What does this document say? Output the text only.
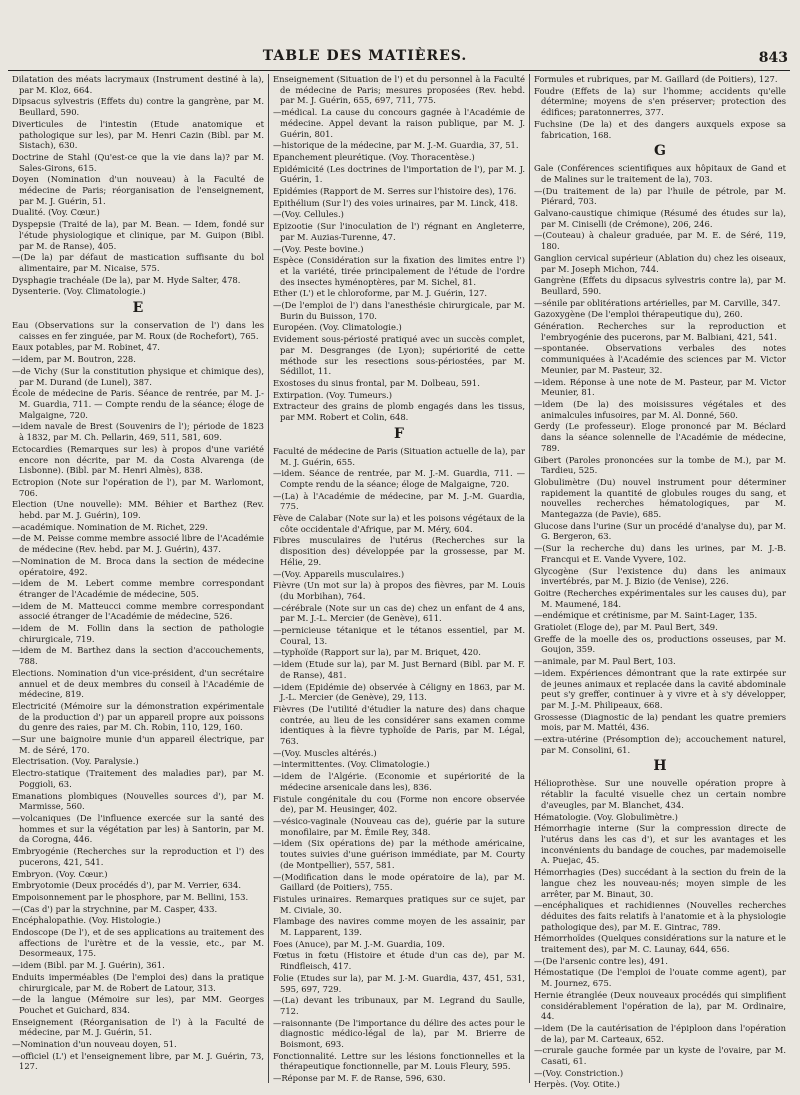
TABLE DES MATIÈRES.	843
Dilatation des méats lacrymaux (Instrument destiné à la), par M. Kloz, 664.
Dipsacus sylvestris (Effets du) contre la gangrène, par M. Beullard, 590.
Diverticules de l'intestin (Etude anatomique et pathologique sur les), par M. Henri Cazin (Bibl. par M. Sistach), 630.
Doctrine de Stahl (Qu'est-ce que la vie dans la)? par M. Sales-Girons, 615.
Doyen (Nomination d'un nouveau) à la Faculté de médecine de Paris; réorganisation de l'enseignement, par M. J. Guérin, 51.
Dualité. (Voy. Cœur.)
Dyspepsie (Traité de la), par M. Bean. — Idem, fondé sur l'étude physiologique et clinique, par M. Guipon (Bibl. par M. de Ranse), 405.
—(De la) par défaut de mastication suffisante du bol alimentaire, par M. Nicaise, 575.
Dysphagie trachéale (De la), par M. Hyde Salter, 478.
Dysenterie. (Voy. Climatologie.)
E
Eau (Observations sur la conservation de l') dans les caisses en fer zinguée, par M. Roux (de Rochefort), 765.
Eaux potables, par M. Robinet, 47.
—idem, par M. Boutron, 228.
—de Vichy (Sur la constitution physique et chimique des), par M. Durand (de Lunel), 387.
École de médecine de Paris. Séance de rentrée, par M. J.-M. Guardia, 711. — Compte rendu de la séance; éloge de Malgaigne, 720.
—idem navale de Brest (Souvenirs de l'); période de 1823 à 1832, par M. Ch. Pellarin, 469, 511, 581, 609.
Ectocardies (Remarques sur les) à propos d'une variété encore non décrite, par M. da Costa Alvarenga (de Lisbonne). (Bibl. par M. Henri Almès), 838.
Ectropion (Note sur l'opération de l'), par M. Warlomont, 706.
Election (Une nouvelle): MM. Béhier et Barthez (Rev. hebd. par M. J. Guérin), 109.
—académique. Nomination de M. Richet, 229.
—de M. Peisse comme membre associé libre de l'Académie de médecine (Rev. hebd. par M. J. Guérin), 437.
—Nomination de M. Broca dans la section de médecine opératoire, 492.
—idem de M. Lebert comme membre correspondant étranger de l'Académie de médecine, 505.
—idem de M. Matteucci comme membre correspondant associé étranger de l'Académie de médecine, 526.
—idem de M. Follin dans la section de pathologie chirurgicale, 719.
—idem de M. Barthez dans la section d'accouchements, 788.
Elections. Nomination d'un vice-président, d'un secrétaire annuel et de deux membres du conseil à l'Académie de médecine, 819.
Electricité (Mémoire sur la démonstration expérimentale de la production d') par un appareil propre aux poissons du genre des raies, par M. Ch. Robin, 110, 129, 160.
—Sur une baignoire munie d'un appareil électrique, par M. de Séré, 170.
Electrisation. (Voy. Paralysie.)
Electro-statique (Traitement des maladies par), par M. Poggioli, 63.
Emanations plombiques (Nouvelles sources d'), par M. Marmisse, 560.
—volcaniques (De l'influence exercée sur la santé des hommes et sur la végétation par les) à Santorin, par M. da Corogna, 446.
Embryogénie (Recherches sur la reproduction et l') des pucerons, 421, 541.
Embryon. (Voy. Cœur.)
Embryotomie (Deux procédés d'), par M. Verrier, 634.
Empoisonnement par le phosphore, par M. Bellini, 153.
—(Cas d') par la strychnine, par M. Casper, 433.
Encéphalopathie. (Voy. Histologie.)
Endoscope (De l'), et de ses applications au traitement des affections de l'urètre et de la vessie, etc., par M. Desormeaux, 175.
—idem (Bibl. par M. J. Guérin), 361.
Enduits imperméables (De l'emploi des) dans la pratique chirurgicale, par M. de Robert de Latour, 313.
—de la langue (Mémoire sur les), par MM. Georges Pouchet et Guichard, 834.
Enseignement (Réorganisation de l') à la Faculté de médecine, par M. J. Guérin, 51.
—Nomination d'un nouveau doyen, 51.
—officiel (L') et l'enseignement libre, par M. J. Guérin, 73, 127.
Enseignement (Situation de l') et du personnel à la Faculté de médecine de Paris; mesures proposées (Rev. hebd. par M. J. Guérin, 655, 697, 711, 775.
—médical. La cause du concours gagnée à l'Académie de médecine. Appel devant la raison publique, par M. J. Guérin, 801.
—historique de la médecine, par M. J.-M. Guardia, 37, 51.
Epanchement pleurétique. (Voy. Thoracentèse.)
Epidémicité (Les doctrines de l'importation de l'), par M. J. Guérin, 1.
Epidémies (Rapport de M. Serres sur l'histoire des), 176.
Epithélium (Sur l') des voies urinaires, par M. Linck, 418.
—(Voy. Cellules.)
Epizootie (Sur l'inoculation de l') régnant en Angleterre, par M. Auzias-Turenne, 47.
—(Voy. Peste bovine.)
Espèce (Considération sur la fixation des limites entre l') et la variété, tirée principalement de l'étude de l'ordre des insectes hyménoptères, par M. Sichel, 81.
Ether (L') et le chloroforme, par M. J. Guérin, 127.
—(De l'emploi de l') dans l'anesthésie chirurgicale, par M. Burin du Buisson, 170.
Européen. (Voy. Climatologie.)
Evidement sous-périosté pratiqué avec un succès complet, par M. Desgranges (de Lyon); supériorité de cette méthode sur les resections sous-périostées, par M. Sédillot, 11.
Exostoses du sinus frontal, par M. Dolbeau, 591.
Extirpation. (Voy. Tumeurs.)
Extracteur des grains de plomb engagés dans les tissus, par MM. Robert et Colin, 648.
F
Faculté de médecine de Paris (Situation actuelle de la), par M. J. Guérin, 655.
—idem. Séance de rentrée, par M. J.-M. Guardia, 711. — Compte rendu de la séance; éloge de Malgaigne, 720.
—(La) à l'Académie de médecine, par M. J.-M. Guardia, 775.
Fève de Calabar (Note sur la) et les poisons végétaux de la côte occidentale d'Afrique, par M. Méry, 604.
Fibres musculaires de l'utérus (Recherches sur la disposition des) développée par la grossesse, par M. Hélie, 29.
—(Voy. Appareils musculaires.)
Fièvre (Un mot sur la) à propos des fièvres, par M. Louis (du Morbihan), 764.
—cérébrale (Note sur un cas de) chez un enfant de 4 ans, par M. J.-L. Mercier (de Genève), 611.
—pernicieuse tétanique et le tétanos essentiel, par M. Coural, 13.
—typhoïde (Rapport sur la), par M. Briquet, 420.
—idem (Etude sur la), par M. Just Bernard (Bibl. par M. F. de Ranse), 481.
—idem (Epidémie de) observée à Céligny en 1863, par M. J.-L. Mercier (de Genève), 29, 113.
Fièvres (De l'utilité d'étudier la nature des) dans chaque contrée, au lieu de les considérer sans examen comme identiques à la fièvre typhoïde de Paris, par M. Légal, 763.
—(Voy. Muscles altérés.)
—intermittentes. (Voy. Climatologie.)
—idem de l'Algérie. (Economie et supériorité de la médecine arsenicale dans les), 836.
Fistule congénitale du cou (Forme non encore observée de), par M. Heusinger, 402.
—vésico-vaginale (Nouveau cas de), guérie par la suture monofilaire, par M. Émile Rey, 348.
—idem (Six opérations de) par la méthode américaine, toutes suivies d'une guérison immédiate, par M. Courty (de Montpellier), 557, 581.
—(Modification dans le mode opératoire de la), par M. Gaillard (de Poitiers), 755.
Fistules urinaires. Remarques pratiques sur ce sujet, par M. Civiale, 30.
Flambage des navires comme moyen de les assainir, par M. Lapparent, 139.
Foes (Anuce), par M. J.-M. Guardia, 109.
Fœtus in fœtu (Histoire et étude d'un cas de), par M. Rindfleisch, 417.
Folie (Etudes sur la), par M. J.-M. Guardia, 437, 451, 531, 595, 697, 729.
—(La) devant les tribunaux, par M. Legrand du Saulle, 712.
—raisonnante (De l'importance du délire des actes pour le diagnostic médico-légal de la), par M. Brierre de Boismont, 693.
Fonctionnalité. Lettre sur les lésions fonctionnelles et la thérapeutique fonctionnelle, par M. Louis Fleury, 595.
—Réponse par M. F. de Ranse, 596, 630.
Formules et rubriques, par M. Gaillard (de Poitiers), 127.
Foudre (Effets de la) sur l'homme; accidents qu'elle détermine; moyens de s'en préserver; protection des édifices; paratonnerres, 377.
Fuchsine (De la) et des dangers auxquels expose sa fabrication, 168.
G
Gale (Conférences scientifiques aux hôpitaux de Gand et de Malines sur le traitement de la), 703.
—(Du traitement de la) par l'huile de pétrole, par M. Piérard, 703.
Galvano-caustique chimique (Résumé des études sur la), par M. Ciniselli (de Crémone), 206, 246.
—(Couteau) à chaleur graduée, par M. E. de Séré, 119, 180.
Ganglion cervical supérieur (Ablation du) chez les oiseaux, par M. Joseph Michon, 744.
Gangrène (Effets du dipsacus sylvestris contre la), par M. Beullard, 590.
—sénile par oblitérations artérielles, par M. Carville, 347.
Gazoxygène (De l'emploi thérapeutique du), 260.
Génération. Recherches sur la reproduction et l'embryogénie des pucerons, par M. Balbiani, 421, 541.
—spontanée. Observations verbales des notes communiquées à l'Académie des sciences par M. Victor Meunier, par M. Pasteur, 32.
—idem. Réponse à une note de M. Pasteur, par M. Victor Meunier, 81.
—idem (De la) des moisissures végétales et des animalcules infusoires, par M. Al. Donné, 560.
Gerdy (Le professeur). Eloge prononcé par M. Béclard dans la séance solennelle de l'Académie de médecine, 789.
Gibert (Paroles prononcées sur la tombe de M.), par M. Tardieu, 525.
Globulimètre (Du) nouvel instrument pour déterminer rapidement la quantité de globules rouges du sang, et nouvelles recherches hématologiques, par M. Mantegazza (de Pavie), 685.
Glucose dans l'urine (Sur un procédé d'analyse du), par M. G. Bergeron, 63.
—(Sur la recherche du) dans les urines, par M. J.-B. Francqui et E. Vande Vyvere, 102.
Glycogène (Sur l'existence du) dans les animaux invertébrés, par M. J. Bizio (de Venise), 226.
Goitre (Recherches expérimentales sur les causes du), par M. Maumené, 184.
—endémique et crétinisme, par M. Saint-Lager, 135.
Gratiolet (Eloge de), par M. Paul Bert, 349.
Greffe de la moelle des os, productions osseuses, par M. Goujon, 359.
—animale, par M. Paul Bert, 103.
—idem. Expériences démontrant que la rate extirpée sur de jeunes animaux et replacée dans la cavité abdominale peut s'y greffer, continuer à y vivre et à s'y développer, par M. J.-M. Philipeaux, 668.
Grossesse (Diagnostic de la) pendant les quatre premiers mois, par M. Mattéi, 436.
—extra-utérine (Présomption de); accouchement naturel, par M. Consolini, 61.
H
Hélioprothèse. Sur une nouvelle opération propre à rétablir la faculté visuelle chez un certain nombre d'aveugles, par M. Blanchet, 434.
Hématologie. (Voy. Globulimètre.)
Hémorrhagie interne (Sur la compression directe de l'utérus dans les cas d'), et sur les avantages et les inconvénients du bandage de couches, par mademoiselle A. Puejac, 45.
Hémorrhagies (Des) succédant à la section du frein de la langue chez les nouveau-nés; moyen simple de les arrêter, par M. Binaut, 30.
—encéphaliques et rachidiennes (Nouvelles recherches déduites des faits relatifs à l'anatomie et à la physiologie pathologique des), par M. E. Gintrac, 789.
Hémorrhoïdes (Quelques considérations sur la nature et le traitement des), par M. C. Launay, 644, 656.
—(De l'arsenic contre les), 491.
Hémostatique (De l'emploi de l'ouate comme agent), par M. Journez, 675.
Hernie étranglée (Deux nouveaux procédés qui simplifient considérablement l'opération de la), par M. Ordinaire, 44.
—idem (De la cautérisation de l'épiploon dans l'opération de la), par M. Carteaux, 652.
—crurale gauche formée par un kyste de l'ovaire, par M. Casati, 61.
—(Voy. Constriction.)
Herpès. (Voy. Otite.)
